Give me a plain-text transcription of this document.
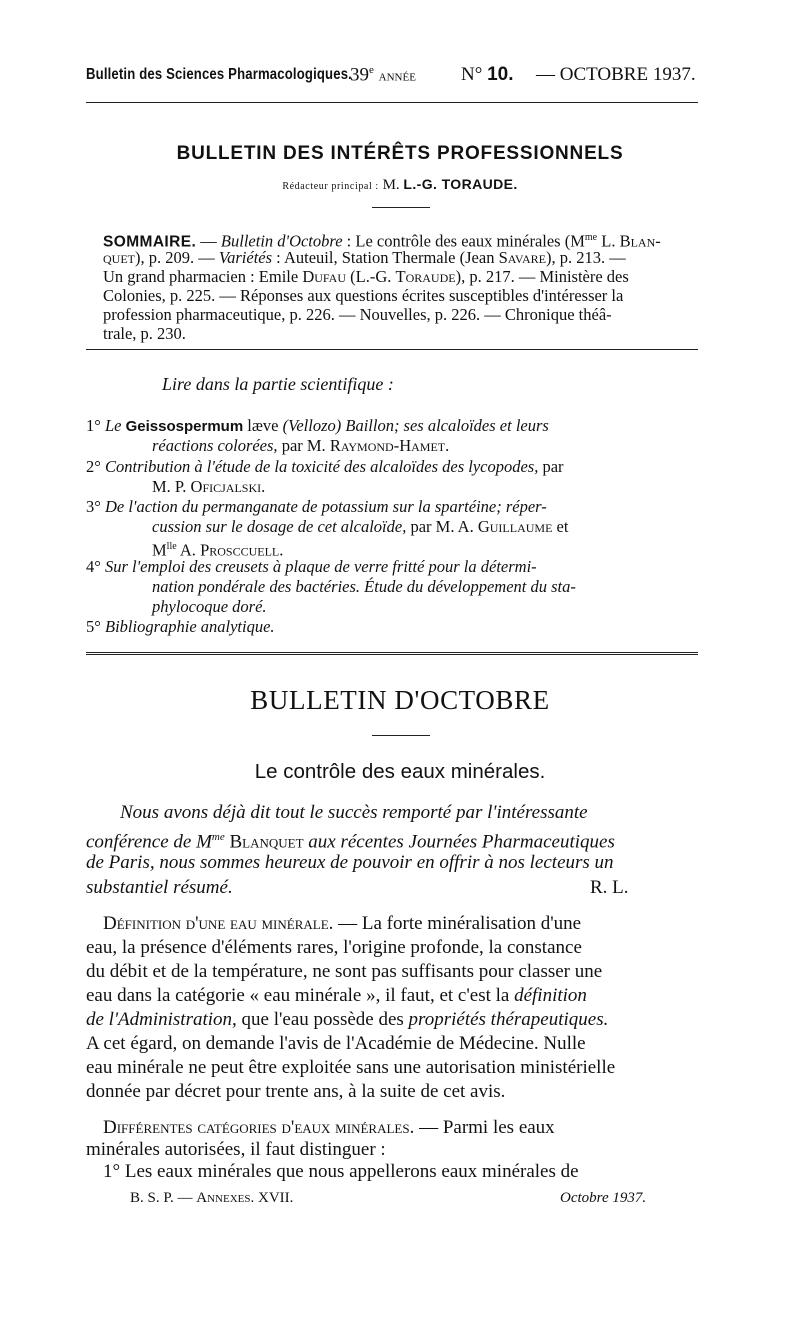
Bulletin des Sciences Pharmacologiques.
39e année N° 10. — OCTOBRE 1937.
BULLETIN DES INTÉRÊTS PROFESSIONNELS
Rédacteur principal : M. L.-G. TORAUDE.
SOMMAIRE. — Bulletin d'Octobre : Le contrôle des eaux minérales ($M^{me}$ L. Blan-
quet), p. 209. — Variétés : Auteuil, Station Thermale (Jean Savare), p. 213. —
Un grand pharmacien : Emile Dufau (L.-G. Toraude), p. 217. — Ministère des
Colonies, p. 225. — Réponses aux questions écrites susceptibles d'intéresser la
profession pharmaceutique, p. 226. — Nouvelles, p. 226. — Chronique théâ-
trale, p. 230.
Lire dans la partie scientifique :
1° Le Geissospermum læve (Vellozo) Baillon; ses alcaloïdes et leurs
réactions colorées, par M. Raymond-Hamet.
2° Contribution à l'étude de la toxicité des alcaloïdes des lycopodes, par
M. P. Oficjalski.
3° De l'action du permanganate de potassium sur la spartéine; réper-
cussion sur le dosage de cet alcaloïde, par M. A. Guillaume et
$M^{lle}$ A. Prosccuell.
4° Sur l'emploi des creusets à plaque de verre fritté pour la détermi-
nation pondérale des bactéries. Étude du développement du sta-
phylocoque doré.
5° Bibliographie analytique.
BULLETIN D'OCTOBRE
Le contrôle des eaux minérales.
Nous avons déjà dit tout le succès remporté par l'intéressante
conférence de $M^{me}$ Blanquet aux récentes Journées Pharmaceutiques
de Paris, nous sommes heureux de pouvoir en offrir à nos lecteurs un
substantiel résumé.	R. L.
Définition d'une eau minérale. — La forte minéralisation d'une
eau, la présence d'éléments rares, l'origine profonde, la constance
du débit et de la température, ne sont pas suffisants pour classer une
eau dans la catégorie « eau minérale », il faut, et c'est la définition
de l'Administration, que l'eau possède des propriétés thérapeutiques.
A cet égard, on demande l'avis de l'Académie de Médecine. Nulle
eau minérale ne peut être exploitée sans une autorisation ministérielle
donnée par décret pour trente ans, à la suite de cet avis.
Différentes catégories d'eaux minérales. — Parmi les eaux
minérales autorisées, il faut distinguer :
1° Les eaux minérales que nous appellerons eaux minérales de
B. S. P. — Annexes. XVII.	Octobre 1937.
